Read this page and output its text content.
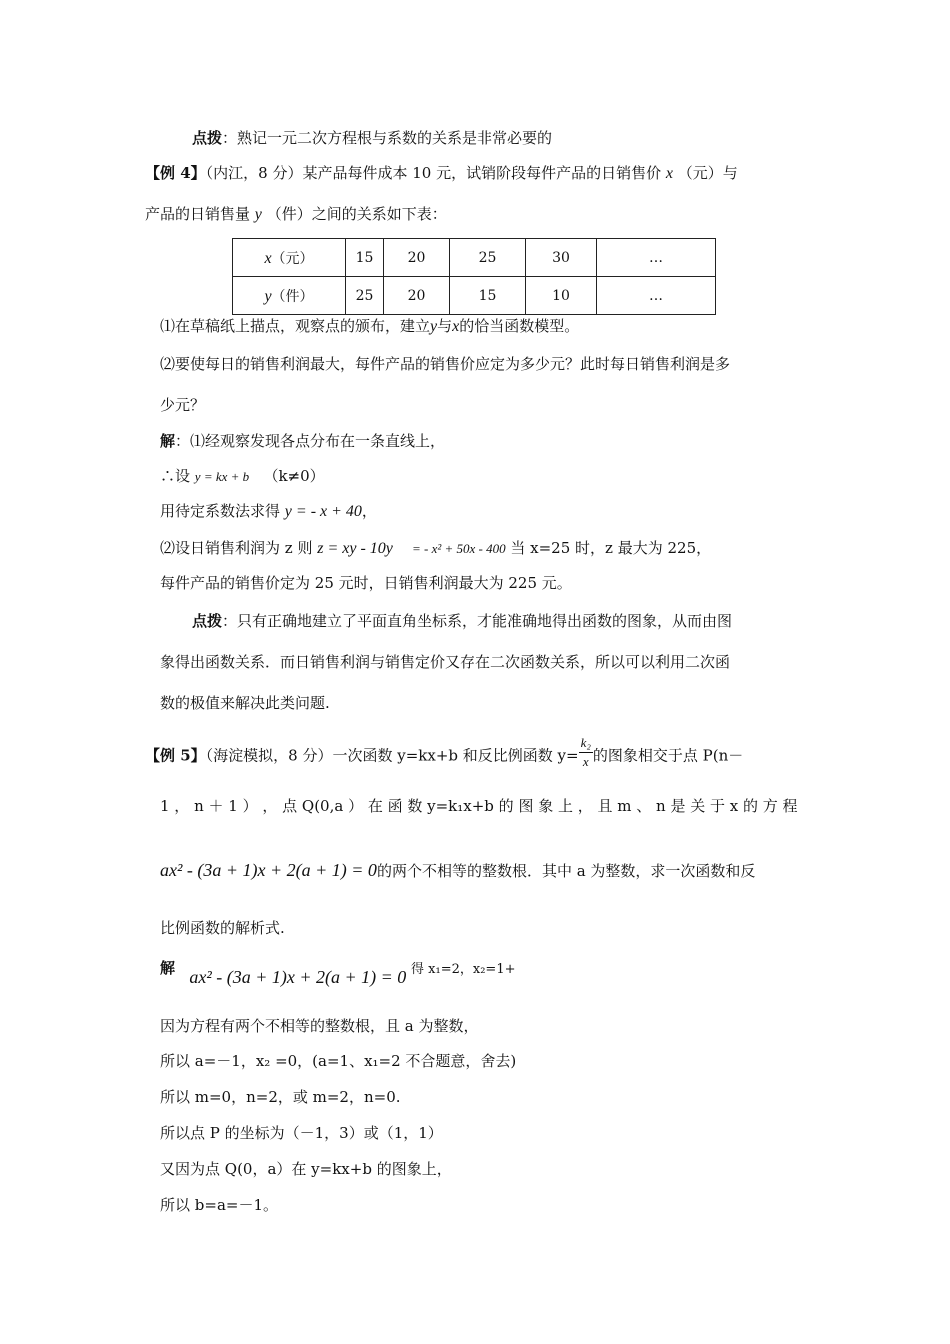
点拨：熟记一元二次方程根与系数的关系是非常必要的
【例 4】（内江，8 分）某产品每件成本 10 元，试销阶段每件产品的日销售价 x （元）与
产品的日销售量 y （件）之间的关系如下表：
x（元）	15	20	25	30	…
y（件）	25	20	15	10	…
⑴在草稿纸上描点，观察点的颁布，建立y与x的恰当函数模型。
⑵要使每日的销售利润最大，每件产品的销售价应定为多少元？此时每日销售利润是多
少元？
解：⑴经观察发现各点分布在一条直线上，
∴设 y = kx + b （k≠0）
用待定系数法求得 y = - x + 40，
⑵设日销售利润为 z 则 z = xy - 10y = - x² + 50x - 400 当 x=25 时，z 最大为 225，
每件产品的销售价定为 25 元时，日销售利润最大为 225 元。
点拨：只有正确地建立了平面直角坐标系，才能准确地得出函数的图象，从而由图
象得出函数关系．而日销售利润与销售定价又存在二次函数关系，所以可以利用二次函
数的极值来解决此类问题.
【例 5】（海淀模拟，8 分）一次函数 y=kx+b 和反比例函数 $y= \frac{\text{k₂}}{x}$ 的图象相交于点 P(n－
1 ， n ＋ 1 ） ， 点 Q(0,a ） 在 函 数 y=k₁x+b 的 图 象 上 ， 且 m 、 n 是 关 于 x 的 方 程
ax² - (3a + 1)x + 2(a + 1) = 0的两个不相等的整数根．其中 a 为整数，求一次函数和反
比例函数的解析式.
解 ax² - (3a + 1)x + 2(a + 1) = 0 得 x₁=2，x₂=1+
因为方程有两个不相等的整数根，且 a 为整数，
所以 a=－1，x₂ =0，(a=1、x₁=2 不合题意，舍去)
所以 m=0，n=2，或 m=2，n=0.
所以点 P 的坐标为（－1，3）或（1，1）
又因为点 Q(0，a）在 y=kx+b 的图象上，
所以 b=a=－1。
